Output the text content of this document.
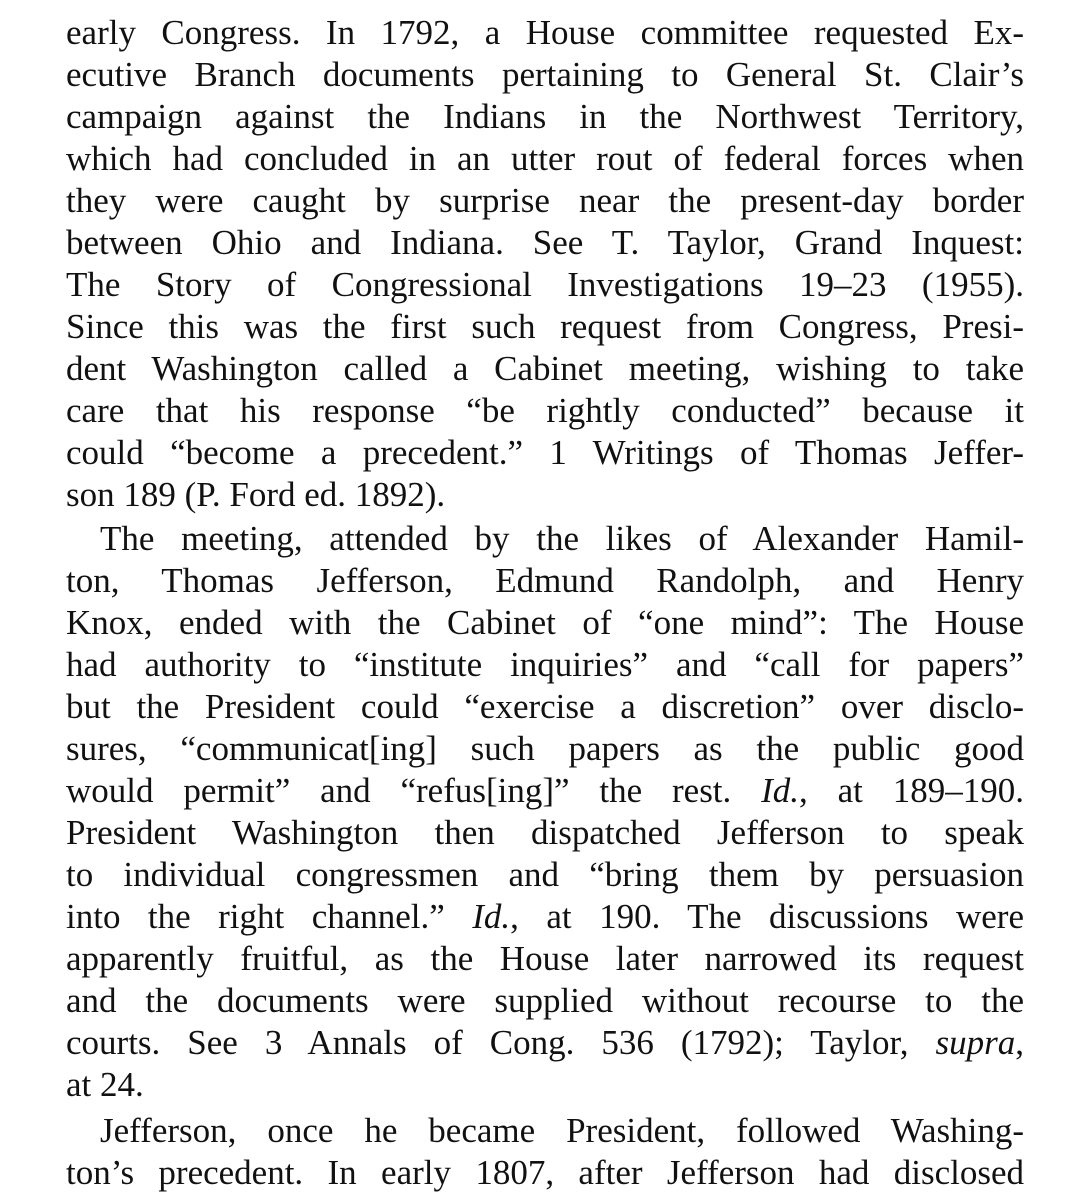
early Congress. In 1792, a House committee requested Ex-
ecutive Branch documents pertaining to General St. Clair’s
campaign against the Indians in the Northwest Territory,
which had concluded in an utter rout of federal forces when
they were caught by surprise near the present-day border
between Ohio and Indiana. See T. Taylor, Grand Inquest:
The Story of Congressional Investigations 19–23 (1955).
Since this was the first such request from Congress, Presi-
dent Washington called a Cabinet meeting, wishing to take
care that his response “be rightly conducted” because it
could “become a precedent.” 1 Writings of Thomas Jeffer-
son 189 (P. Ford ed. 1892).
The meeting, attended by the likes of Alexander Hamil-
ton, Thomas Jefferson, Edmund Randolph, and Henry
Knox, ended with the Cabinet of “one mind”: The House
had authority to “institute inquiries” and “call for papers”
but the President could “exercise a discretion” over disclo-
sures, “communicat[ing] such papers as the public good
would permit” and “refus[ing]” the rest. Id., at 189–190.
President Washington then dispatched Jefferson to speak
to individual congressmen and “bring them by persuasion
into the right channel.” Id., at 190. The discussions were
apparently fruitful, as the House later narrowed its request
and the documents were supplied without recourse to the
courts. See 3 Annals of Cong. 536 (1792); Taylor, supra,
at 24.
Jefferson, once he became President, followed Washing-
ton’s precedent. In early 1807, after Jefferson had disclosed
